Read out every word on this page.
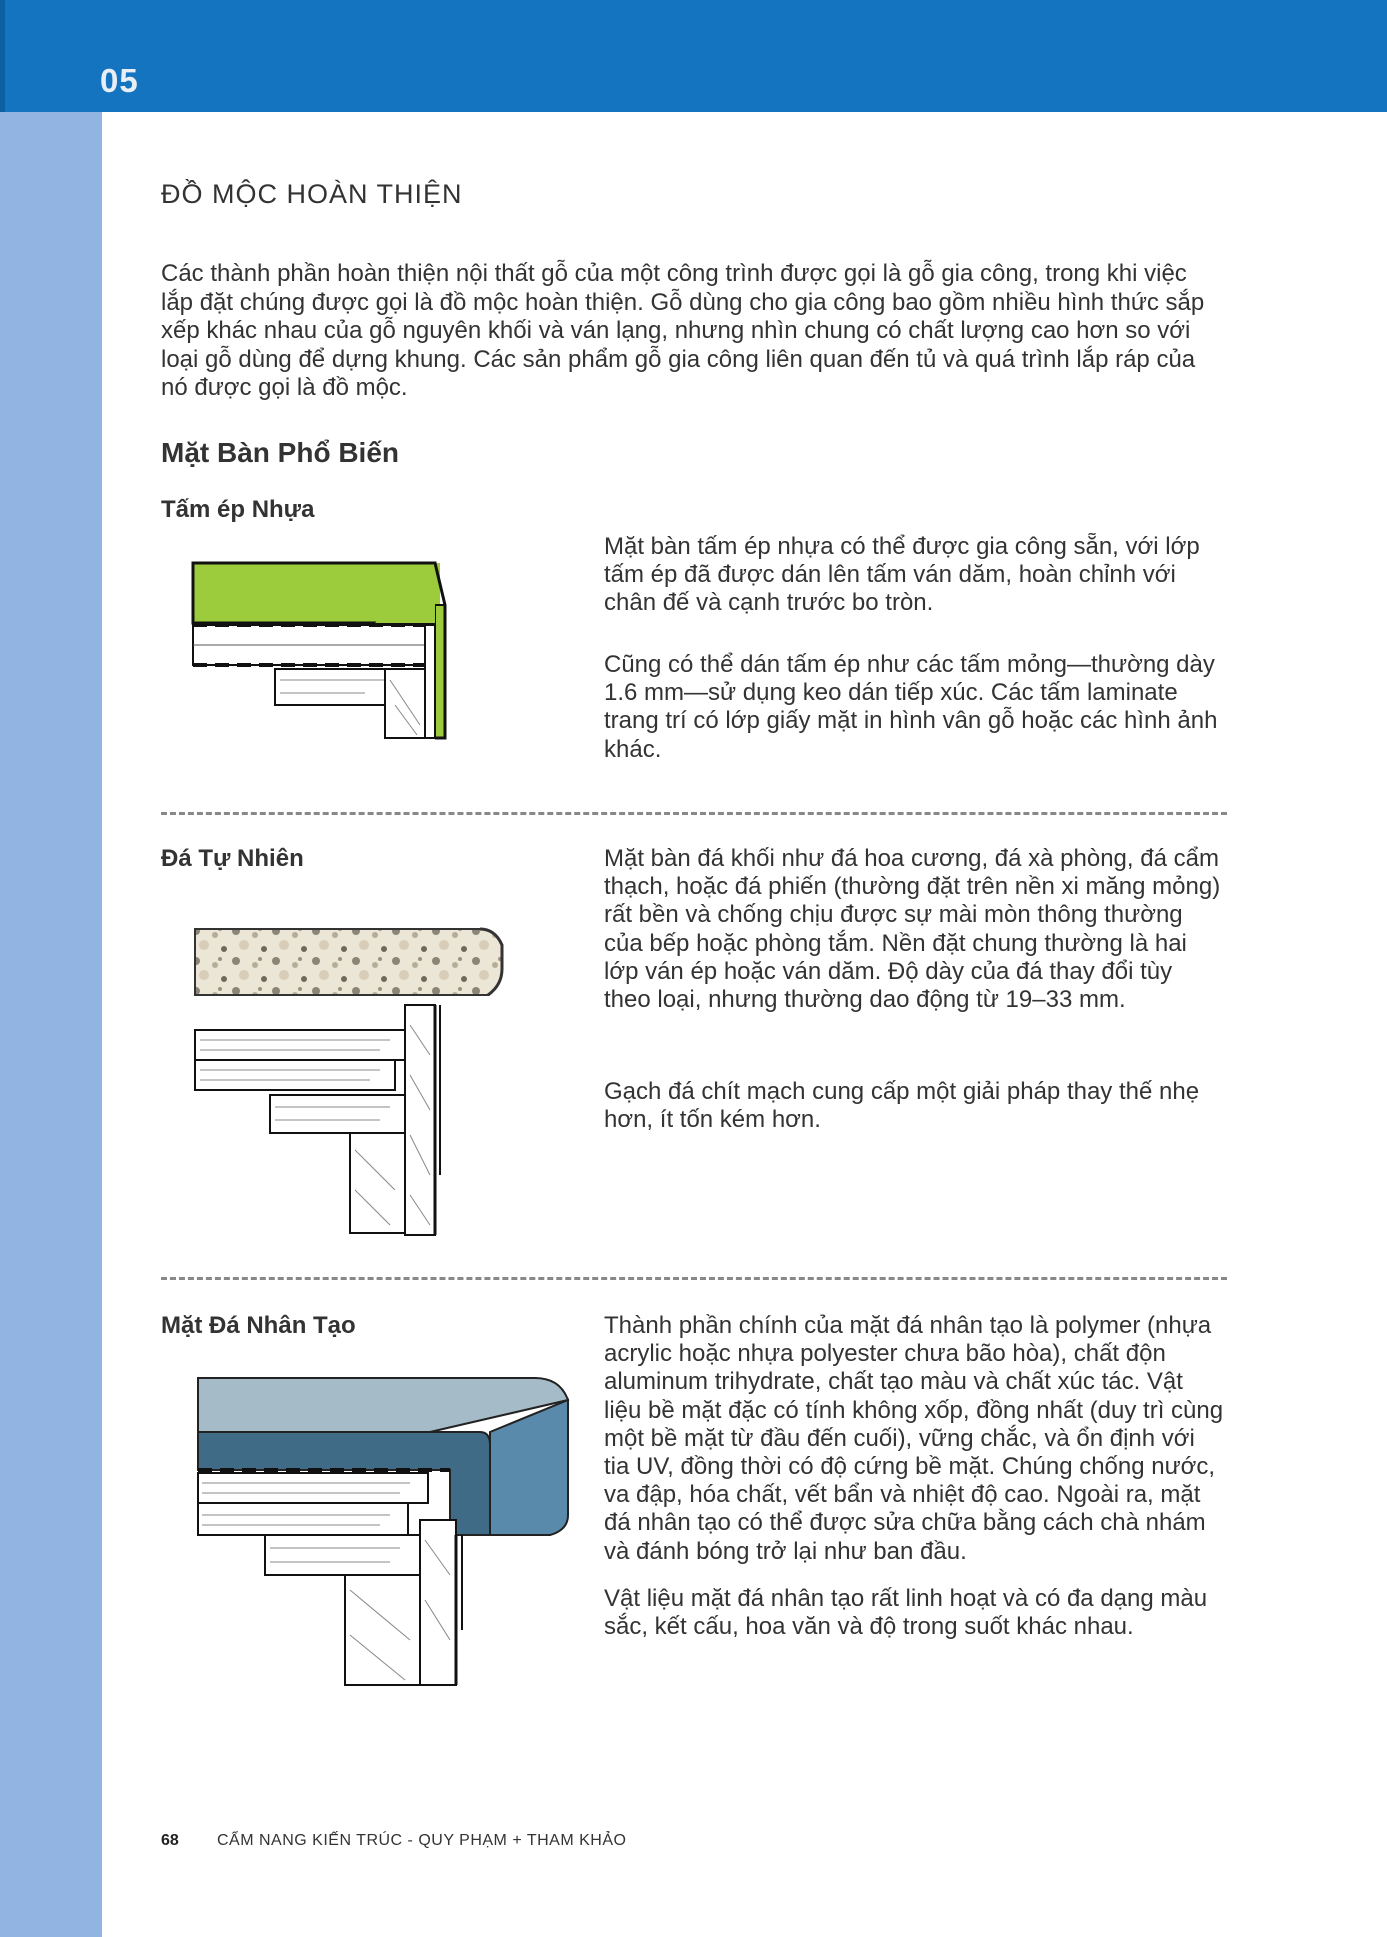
05
ĐỒ MỘC HOÀN THIỆN
Các thành phần hoàn thiện nội thất gỗ của một công trình được gọi là gỗ gia công, trong khi việc lắp đặt chúng được gọi là đồ mộc hoàn thiện. Gỗ dùng cho gia công bao gồm nhiều hình thức sắp xếp khác nhau của gỗ nguyên khối và ván lạng, nhưng nhìn chung có chất lượng cao hơn so với loại gỗ dùng để dựng khung. Các sản phẩm gỗ gia công liên quan đến tủ và quá trình lắp ráp của nó được gọi là đồ mộc.
Mặt Bàn Phổ Biến
Tấm ép Nhựa
Mặt bàn tấm ép nhựa có thể được gia công sẵn, với lớp tấm ép đã được dán lên tấm ván dăm, hoàn chỉnh với chân đế và cạnh trước bo tròn.
Cũng có thể dán tấm ép như các tấm mỏng—thường dày 1.6 mm—sử dụng keo dán tiếp xúc. Các tấm laminate trang trí có lớp giấy mặt in hình vân gỗ hoặc các hình ảnh khác.
Đá Tự Nhiên	Mặt bàn đá khối như đá hoa cương, đá xà phòng, đá cẩm thạch, hoặc đá phiến (thường đặt trên nền xi măng mỏng) rất bền và chống chịu được sự mài mòn thông thường của bếp hoặc phòng tắm. Nền đặt chung thường là hai lớp ván ép hoặc ván dăm. Độ dày của đá thay đổi tùy theo loại, nhưng thường dao động từ 19–33 mm.
Gạch đá chít mạch cung cấp một giải pháp thay thế nhẹ hơn, ít tốn kém hơn.
Mặt Đá Nhân Tạo	Thành phần chính của mặt đá nhân tạo là polymer (nhựa acrylic hoặc nhựa polyester chưa bão hòa), chất độn aluminum trihydrate, chất tạo màu và chất xúc tác. Vật liệu bề mặt đặc có tính không xốp, đồng nhất (duy trì cùng một bề mặt từ đầu đến cuối), vững chắc, và ổn định với tia UV, đồng thời có độ cứng bề mặt. Chúng chống nước, va đập, hóa chất, vết bẩn và nhiệt độ cao. Ngoài ra, mặt đá nhân tạo có thể được sửa chữa bằng cách chà nhám và đánh bóng trở lại như ban đầu.
Vật liệu mặt đá nhân tạo rất linh hoạt và có đa dạng màu sắc, kết cấu, hoa văn và độ trong suốt khác nhau.
68 CẨM NANG KIẾN TRÚC - QUY PHẠM + THAM KHẢO
